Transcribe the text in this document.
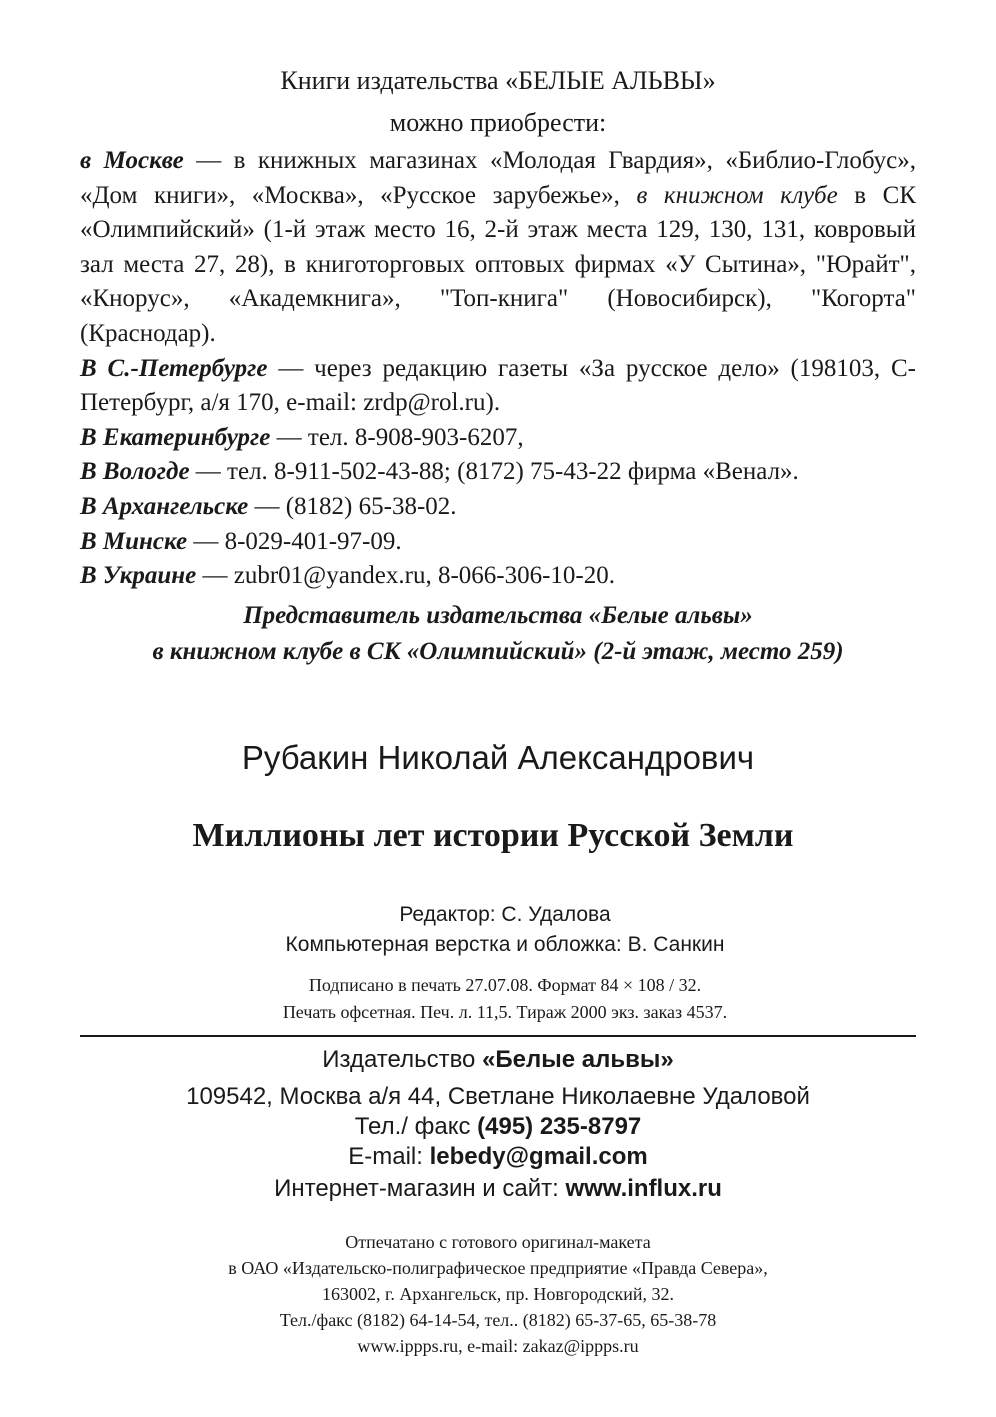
Книги издательства «БЕЛЫЕ АЛЬВЫ»
можно приобрести:

в Москве — в книжных магазинах «Молодая Гвардия», «Библио-Глобус», «Дом книги», «Москва», «Русское зарубежье», в книжном клубе в СК «Олимпийский» (1-й этаж место 16, 2-й этаж места 129, 130, 131, ковровый зал места 27, 28), в книготорговых оптовых фирмах «У Сытина», "Юрайт", «Кнорус», «Академкнига», "Топ-книга" (Новосибирск), "Когорта" (Краснодар).

В С.-Петербурге — через редакцию газеты «За русское дело» (198103, С-Петербург, а/я 170, e-mail: zrdp@rol.ru).

В Екатеринбурге — тел. 8-908-903-6207,

В Вологде — тел. 8-911-502-43-88; (8172) 75-43-22 фирма «Венал».

В Архангельске — (8182) 65-38-02.

В Минске — 8-029-401-97-09.

В Украине — zubr01@yandex.ru, 8-066-306-10-20.

Представитель издательства «Белые альвы»
в книжном клубе в СК «Олимпийский» (2-й этаж, место 259)
Рубакин Николай Александрович
Миллионы лет истории Русской Земли
Редактор: С. Удалова
Компьютерная верстка и обложка: В. Санкин
Подписано в печать 27.07.08. Формат 84 × 108 / 32.
Печать офсетная. Печ. л. 11,5. Тираж 2000 экз. заказ 4537.
Издательство «Белые альвы»
109542, Москва а/я 44, Светлане Николаевне Удаловой
Тел./ факс (495) 235-8797
E-mail: lebedy@gmail.com
Интернет-магазин и сайт: www.influx.ru
Отпечатано с готового оригинал-макета
в ОАО «Издательско-полиграфическое предприятие «Правда Севера»,
163002, г. Архангельск, пр. Новгородский, 32.
Тел./факс (8182) 64-14-54, тел.. (8182) 65-37-65, 65-38-78
www.ippps.ru, e-mail: zakaz@ippps.ru
